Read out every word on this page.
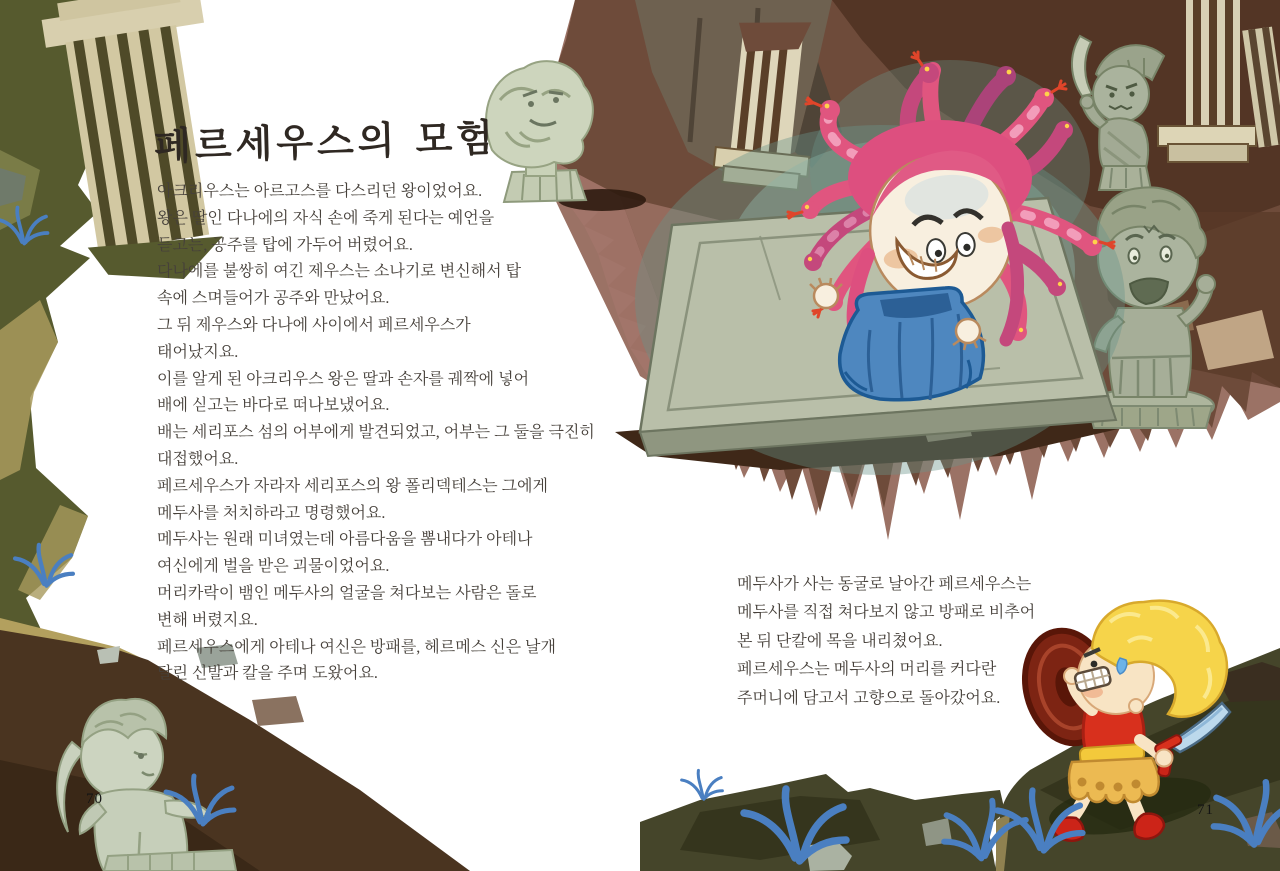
페르세우스의 모험
아크리우스는 아르고스를 다스리던 왕이었어요.
왕은 딸인 다나에의 자식 손에 죽게 된다는 예언을
듣고는, 공주를 탑에 가두어 버렸어요.
다나에를 불쌍히 여긴 제우스는 소나기로 변신해서 탑
속에 스며들어가 공주와 만났어요.
그 뒤 제우스와 다나에 사이에서 페르세우스가
태어났지요.
이를 알게 된 아크리우스 왕은 딸과 손자를 궤짝에 넣어
배에 싣고는 바다로 떠나보냈어요.
배는 세리포스 섬의 어부에게 발견되었고, 어부는 그 둘을 극진히
대접했어요.
페르세우스가 자라자 세리포스의 왕 폴리덱테스는 그에게
메두사를 처치하라고 명령했어요.
메두사는 원래 미녀였는데 아름다움을 뽐내다가 아테나
여신에게 벌을 받은 괴물이었어요.
머리카락이 뱀인 메두사의 얼굴을 쳐다보는 사람은 돌로
변해 버렸지요.
페르세우스에게 아테나 여신은 방패를, 헤르메스 신은 날개
달린 신발과 칼을 주며 도왔어요.
메두사가 사는 동굴로 날아간 페르세우스는
메두사를 직접 쳐다보지 않고 방패로 비추어
본 뒤 단칼에 목을 내리쳤어요.
페르세우스는 메두사의 머리를 커다란
주머니에 담고서 고향으로 돌아갔어요.
70
71
